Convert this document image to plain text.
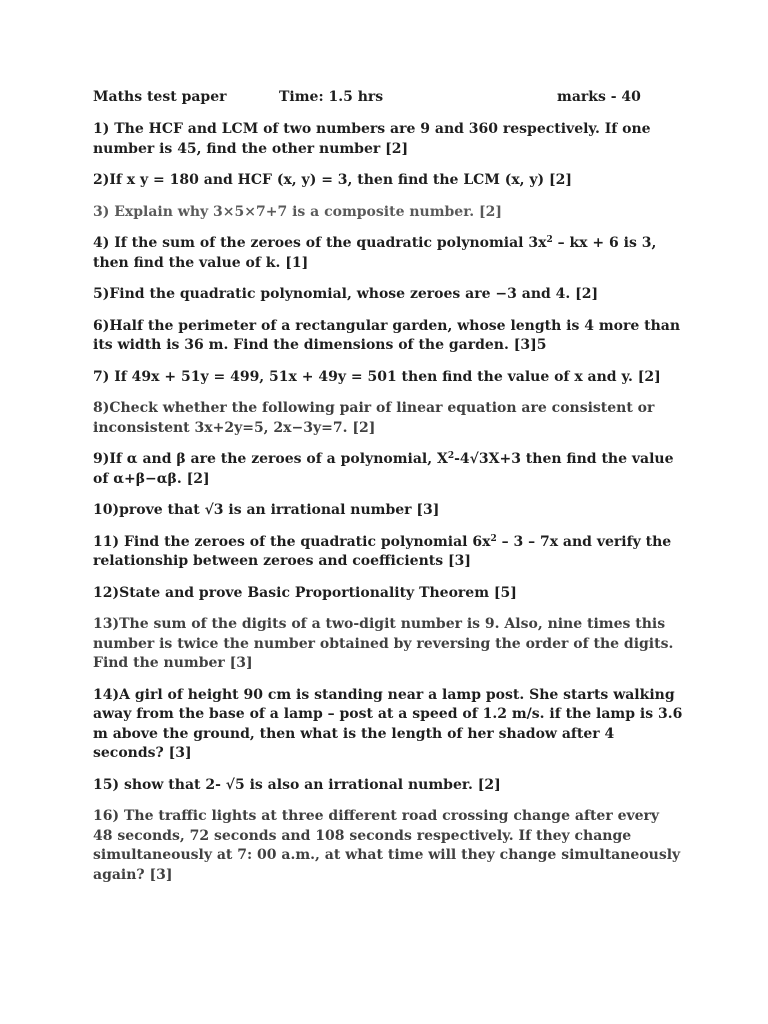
Maths test paper	Time: 1.5 hrs	marks - 40

1) The HCF and LCM of two numbers are 9 and 360 respectively. If one number is 45, find the other number [2]

2)If x y = 180 and HCF (x, y) = 3, then find the LCM (x, y) [2]

3) Explain why 3×5×7+7 is a composite number. [2]

4) If the sum of the zeroes of the quadratic polynomial $3x^2$ – kx + 6 is 3, then find the value of k. [1]

5)Find the quadratic polynomial, whose zeroes are −3 and 4. [2]

6)Half the perimeter of a rectangular garden, whose length is 4 more than its width is 36 m. Find the dimensions of the garden. [3]5

7) If 49x + 51y = 499, 51x + 49y = 501 then find the value of x and y. [2]

8)Check whether the following pair of linear equation are consistent or inconsistent 3x+2y=5, 2x−3y=7. [2]

9)If α and β are the zeroes of a polynomial, $X^2-4√3X+3$ then find the value of α+β−αβ. [2]

10)prove that √3 is an irrational number [3]

11) Find the zeroes of the quadratic polynomial $6x^2 - 3 - 7x$ and verify the relationship between zeroes and coefficients [3]

12)State and prove Basic Proportionality Theorem [5]

13)The sum of the digits of a two-digit number is 9. Also, nine times this number is twice the number obtained by reversing the order of the digits. Find the number [3]

14)A girl of height 90 cm is standing near a lamp post. She starts walking away from the base of a lamp – post at a speed of 1.2 m/s. if the lamp is 3.6 m above the ground, then what is the length of her shadow after 4 seconds? [3]

15) show that 2- √5 is also an irrational number. [2]

16) The traffic lights at three different road crossing change after every 48 seconds, 72 seconds and 108 seconds respectively. If they change simultaneously at 7: 00 a.m., at what time will they change simultaneously again? [3]
